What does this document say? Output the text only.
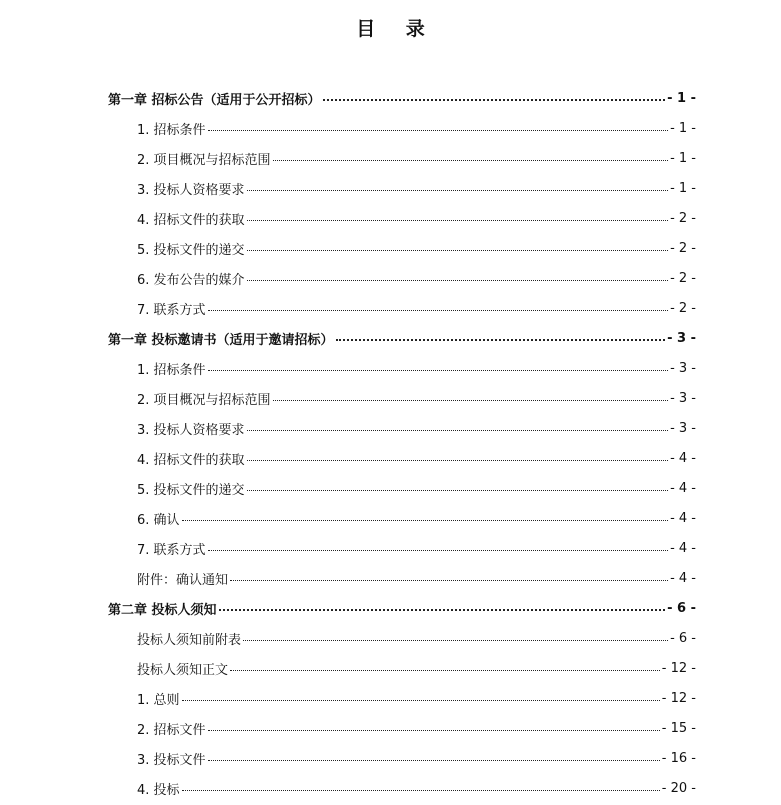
目 录
第一章 招标公告（适用于公开招标）	- 1 -
1. 招标条件	- 1 -
2. 项目概况与招标范围	- 1 -
3. 投标人资格要求	- 1 -
4. 招标文件的获取	- 2 -
5. 投标文件的递交	- 2 -
6. 发布公告的媒介	- 2 -
7. 联系方式	- 2 -
第一章 投标邀请书（适用于邀请招标）	- 3 -
1. 招标条件	- 3 -
2. 项目概况与招标范围	- 3 -
3. 投标人资格要求	- 3 -
4. 招标文件的获取	- 4 -
5. 投标文件的递交	- 4 -
6. 确认	- 4 -
7. 联系方式	- 4 -
附件：确认通知	- 4 -
第二章 投标人须知	- 6 -
投标人须知前附表	- 6 -
投标人须知正文	- 12 -
1. 总则	- 12 -
2. 招标文件	- 15 -
3. 投标文件	- 16 -
4. 投标	- 20 -
